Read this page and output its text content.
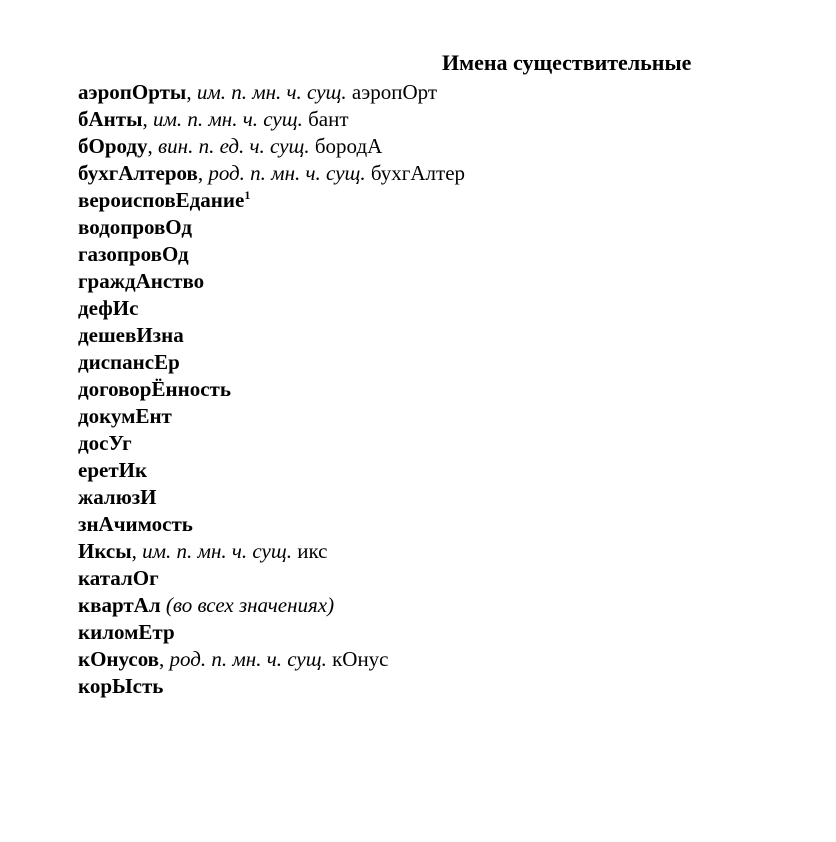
Имена существительные
аэропОрты, им. п. мн. ч. сущ. аэропОрт
бАнты, им. п. мн. ч. сущ. бант
бОроду, вин. п. ед. ч. сущ. бородА
бухгАлтеров, род. п. мн. ч. сущ. бухгАлтер
вероисповЕдание$^1$
водопровОд
газопровОд
граждАнство
дефИс
дешевИзна
диспансЕр
договорЁнность
докумЕнт
досУг
еретИк
жалюзИ
знАчимость
Иксы, им. п. мн. ч. сущ. икс
каталОг
квартАл (во всех значениях)
киломЕтр
кОнусов, род. п. мн. ч. сущ. кОнус
корЫсть
